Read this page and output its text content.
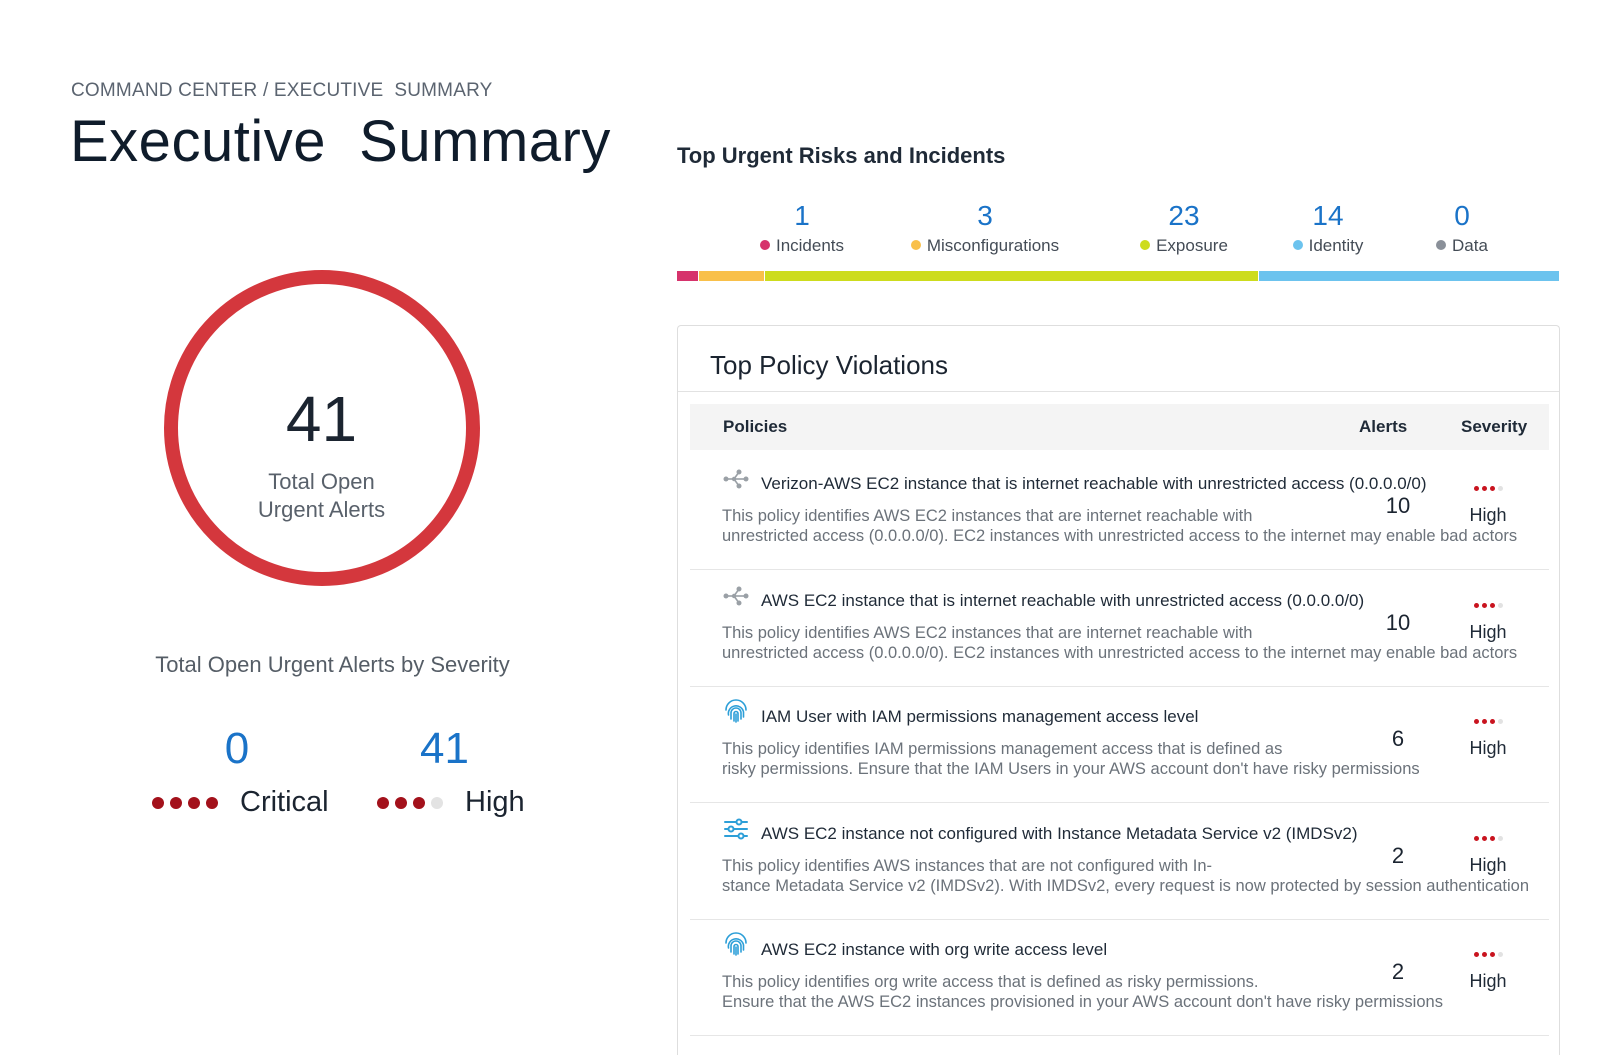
COMMAND CENTER / EXECUTIVE  SUMMARY
Executive  Summary
41
Total Open
Urgent Alerts
Total Open Urgent Alerts by Severity
0
Critical
41
High
Top Urgent Risks and Incidents
1
Incidents
3
Misconfigurations
23
Exposure
14
Identity
0
Data
Top Policy Violations
Policies	Alerts	Severity
Verizon-AWS EC2 instance that is internet reachable with unrestricted access (0.0.0.0/0)
This policy identifies AWS EC2 instances that are internet reachable with
unrestricted access (0.0.0.0/0). EC2 instances with unrestricted access to the internet may enable bad actors
10	High
AWS EC2 instance that is internet reachable with unrestricted access (0.0.0.0/0)
This policy identifies AWS EC2 instances that are internet reachable with
unrestricted access (0.0.0.0/0). EC2 instances with unrestricted access to the internet may enable bad actors
10	High
IAM User with IAM permissions management access level
This policy identifies IAM permissions management access that is defined as
risky permissions. Ensure that the IAM Users in your AWS account don't have risky permissions
6	High
AWS EC2 instance not configured with Instance Metadata Service v2 (IMDSv2)
This policy identifies AWS instances that are not configured with In-
stance Metadata Service v2 (IMDSv2). With IMDSv2, every request is now protected by session authentication
2	High
AWS EC2 instance with org write access level
This policy identifies org write access that is defined as risky permissions.
Ensure that the AWS EC2 instances provisioned in your AWS account don't have risky permissions
2	High
